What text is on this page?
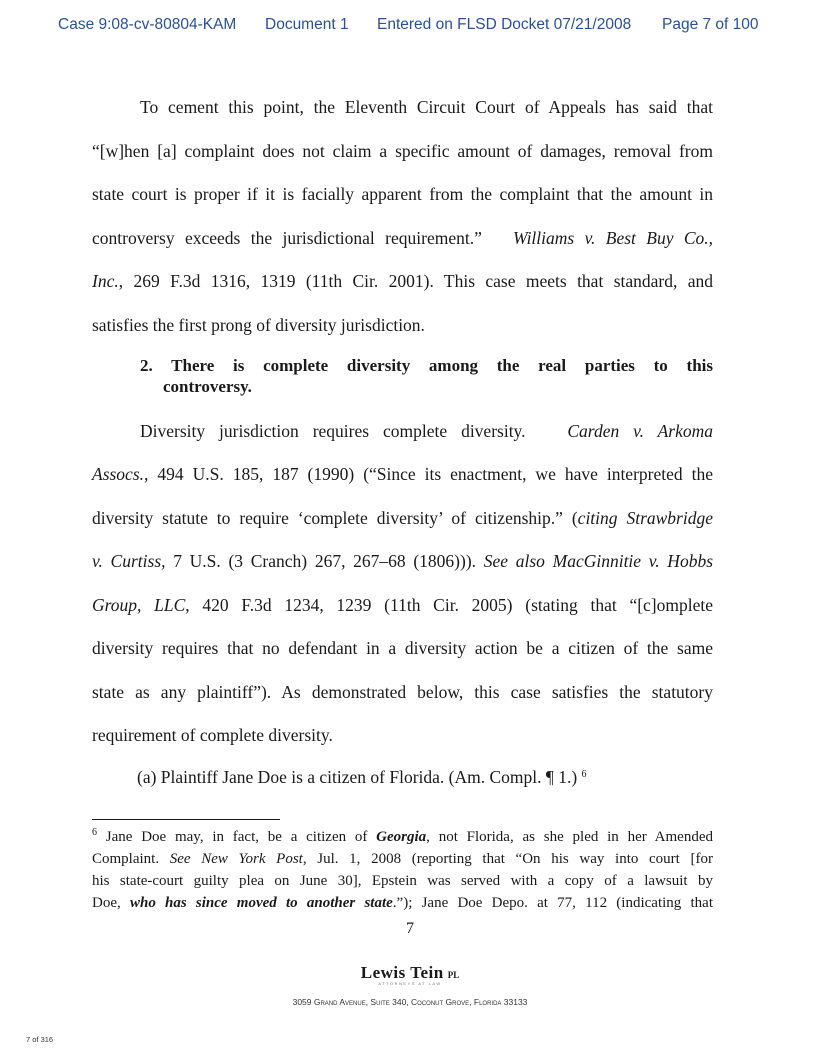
Case 9:08-cv-80804-KAM Document 1 Entered on FLSD Docket 07/21/2008 Page 7 of 100
To cement this point, the Eleventh Circuit Court of Appeals has said that
“[w]hen [a] complaint does not claim a specific amount of damages, removal from
state court is proper if it is facially apparent from the complaint that the amount in
controversy exceeds the jurisdictional requirement.” Williams v. Best Buy Co.,
Inc., 269 F.3d 1316, 1319 (11th Cir. 2001). This case meets that standard, and
satisfies the first prong of diversity jurisdiction.
2. There is complete diversity among the real parties to this
controversy.
Diversity jurisdiction requires complete diversity. Carden v. Arkoma
Assocs., 494 U.S. 185, 187 (1990) (“Since its enactment, we have interpreted the
diversity statute to require ‘complete diversity’ of citizenship.” (citing Strawbridge
v. Curtiss, 7 U.S. (3 Cranch) 267, 267–68 (1806))). See also MacGinnitie v. Hobbs
Group, LLC, 420 F.3d 1234, 1239 (11th Cir. 2005) (stating that “[c]omplete
diversity requires that no defendant in a diversity action be a citizen of the same
state as any plaintiff”). As demonstrated below, this case satisfies the statutory
requirement of complete diversity.
(a) Plaintiff Jane Doe is a citizen of Florida. (Am. Compl. ¶ 1.) $^6$
$^6$ Jane Doe may, in fact, be a citizen of Georgia, not Florida, as she pled in her Amended
Complaint. See New York Post, Jul. 1, 2008 (reporting that “On his way into court [for
his state-court guilty plea on June 30], Epstein was served with a copy of a lawsuit by
Doe, who has since moved to another state.”); Jane Doe Depo. at 77, 112 (indicating that
7
Lewis Tein PL
ATTORNEYS AT LAW
3059 Grand Avenue, Suite 340, Coconut Grove, Florida 33133
7 of 316
